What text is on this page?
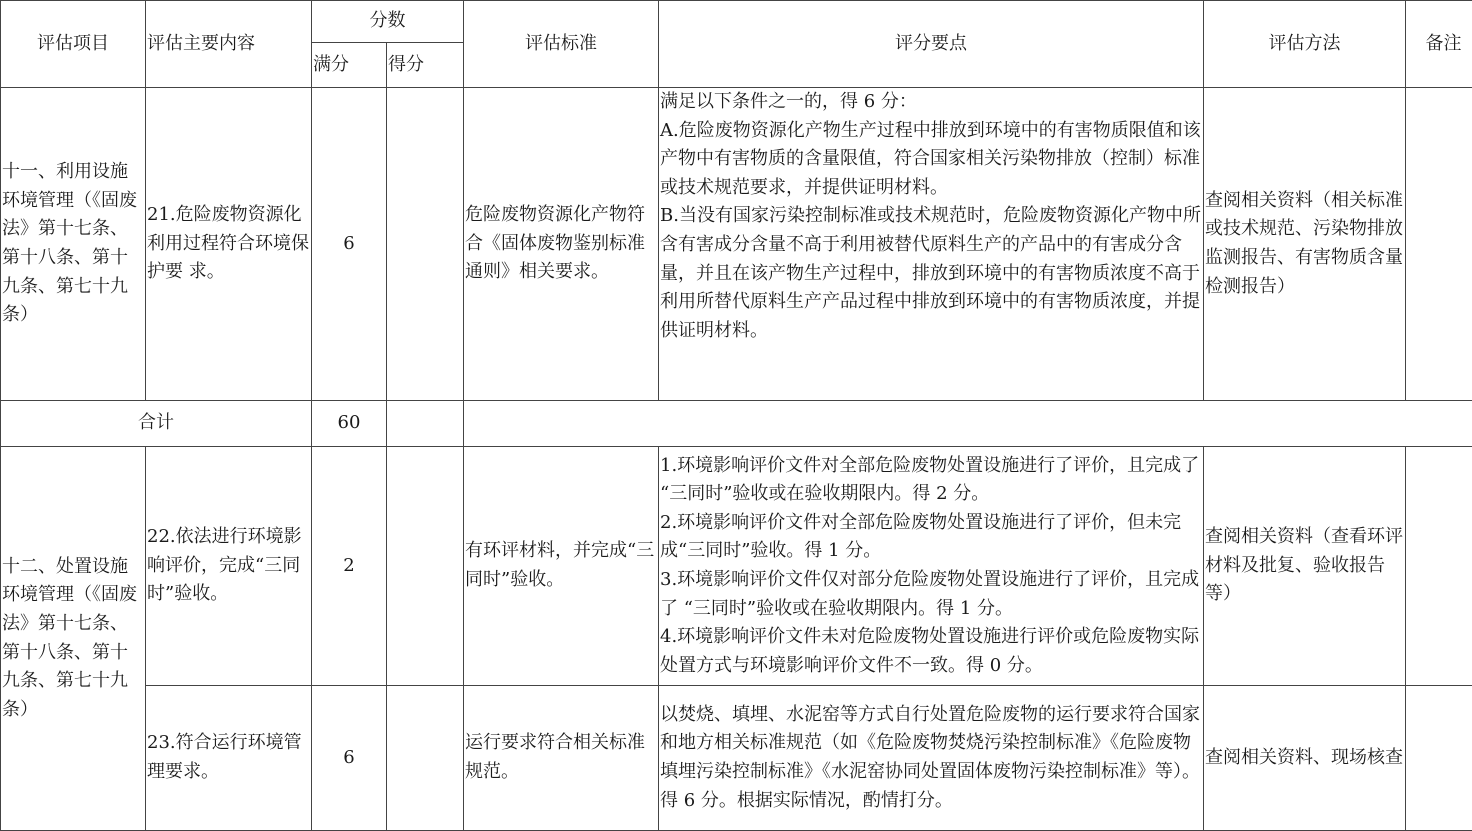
评估项目	评估主要内容	分数		评估标准	评分要点	评估方法	备注
		满分	得分				
十一、利用设施环境管理（《固废法》第十七条、第十八条、第十九条、第七十九条）	21.危险废物资源化利用过程符合环境保护要 求。	6		危险废物资源化产物符合《固体废物鉴别标准通则》相关要求。	满足以下条件之一的，得 6 分：
A.危险废物资源化产物生产过程中排放到环境中的有害物质限值和该产物中有害物质的含量限值，符合国家相关污染物排放（控制）标准或技术规范要求，并提供证明材料。
B.当没有国家污染控制标准或技术规范时，危险废物资源化产物中所含有害成分含量不高于利用被替代原料生产的产品中的有害成分含量，并且在该产物生产过程中，排放到环境中的有害物质浓度不高于利用所替代原料生产产品过程中排放到环境中的有害物质浓度，并提供证明材料。	查阅相关资料（相关标准或技术规范、污染物排放监测报告、有害物质含量检测报告）	
合计		60					
十二、处置设施环境管理（《固废法》第十七条、第十八条、第十九条、第七十九条）	22.依法进行环境影响评价，完成“三同时”验收。	2		有环评材料，并完成“三同时”验收。	1.环境影响评价文件对全部危险废物处置设施进行了评价，且完成了 “三同时”验收或在验收期限内。得 2 分。
2.环境影响评价文件对全部危险废物处置设施进行了评价，但未完成“三同时”验收。得 1 分。
3.环境影响评价文件仅对部分危险废物处置设施进行了评价，且完成了 “三同时”验收或在验收期限内。得 1 分。
4.环境影响评价文件未对危险废物处置设施进行评价或危险废物实际处置方式与环境影响评价文件不一致。得 0 分。	查阅相关资料（查看环评材料及批复、验收报告等）	
	23.符合运行环境管理要求。	6		运行要求符合相关标准规范。	以焚烧、填埋、水泥窑等方式自行处置危险废物的运行要求符合国家和地方相关标准规范（如《危险废物焚烧污染控制标准》《危险废物填埋污染控制标准》《水泥窑协同处置固体废物污染控制标准》等）。得 6 分。根据实际情况，酌情打分。	查阅相关资料、现场核查	
